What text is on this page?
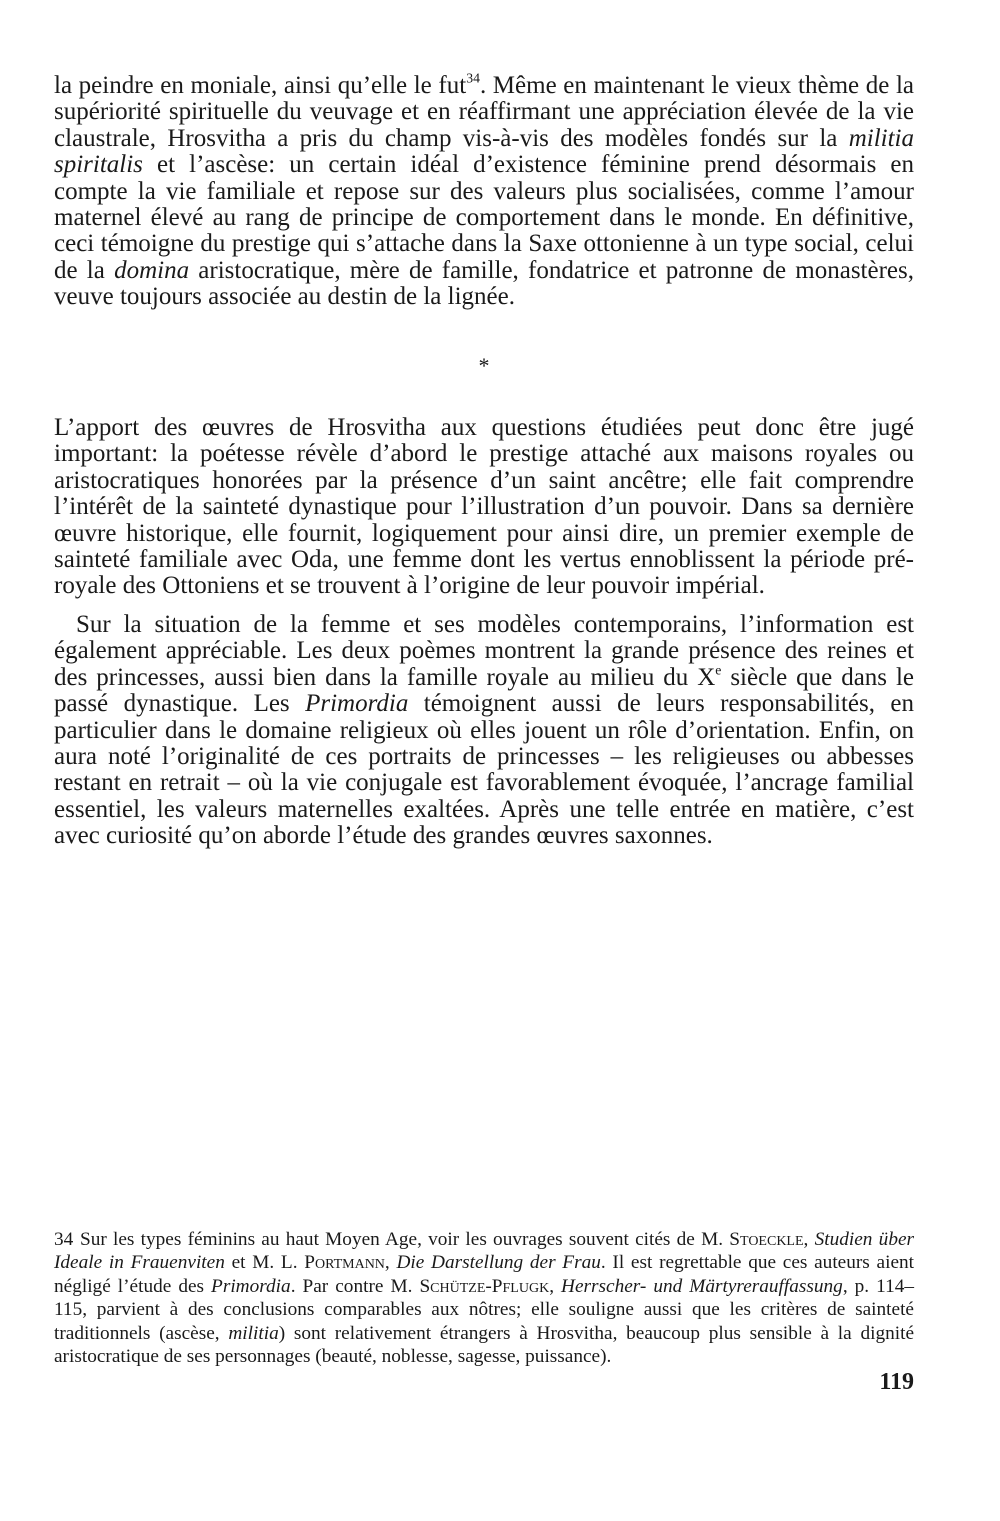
la peindre en moniale, ainsi qu’elle le fut$^{34}$. Même en maintenant le vieux thème de la supériorité spirituelle du veuvage et en réaffirmant une appréciation élevée de la vie claustrale, Hrosvitha a pris du champ vis-à-vis des modèles fondés sur la militia spiritalis et l’ascèse: un certain idéal d’existence féminine prend désormais en compte la vie familiale et repose sur des valeurs plus socialisées, comme l’amour maternel élevé au rang de principe de comportement dans le monde. En définitive, ceci témoigne du prestige qui s’attache dans la Saxe ottonienne à un type social, celui de la domina aristocratique, mère de famille, fondatrice et patronne de monastères, veuve toujours associée au destin de la lignée.

*

L’apport des œuvres de Hrosvitha aux questions étudiées peut donc être jugé important: la poétesse révèle d’abord le prestige attaché aux maisons royales ou aristocratiques honorées par la présence d’un saint ancêtre; elle fait comprendre l’intérêt de la sainteté dynastique pour l’illustration d’un pouvoir. Dans sa dernière œuvre historique, elle fournit, logiquement pour ainsi dire, un premier exemple de sainteté familiale avec Oda, une femme dont les vertus ennoblissent la période pré-royale des Ottoniens et se trouvent à l’origine de leur pouvoir impérial.

Sur la situation de la femme et ses modèles contemporains, l’information est également appréciable. Les deux poèmes montrent la grande présence des reines et des princesses, aussi bien dans la famille royale au milieu du Xe siècle que dans le passé dynastique. Les Primordia témoignent aussi de leurs responsabilités, en particulier dans le domaine religieux où elles jouent un rôle d’orientation. Enfin, on aura noté l’originalité de ces portraits de princesses – les religieuses ou abbesses restant en retrait – où la vie conjugale est favorablement évoquée, l’ancrage familial essentiel, les valeurs maternelles exaltées. Après une telle entrée en matière, c’est avec curiosité qu’on aborde l’étude des grandes œuvres saxonnes.

34 Sur les types féminins au haut Moyen Age, voir les ouvrages souvent cités de M. Stoeckle, Studien über Ideale in Frauenviten et M. L. Portmann, Die Darstellung der Frau. Il est regrettable que ces auteurs aient négligé l’étude des Primordia. Par contre M. Schütze-Pflugk, Herrscher- und Märtyrerauffassung, p. 114–115, parvient à des conclusions comparables aux nôtres; elle souligne aussi que les critères de sainteté traditionnels (ascèse, militia) sont relativement étrangers à Hrosvitha, beaucoup plus sensible à la dignité aristocratique de ses personnages (beauté, noblesse, sagesse, puissance).

119
